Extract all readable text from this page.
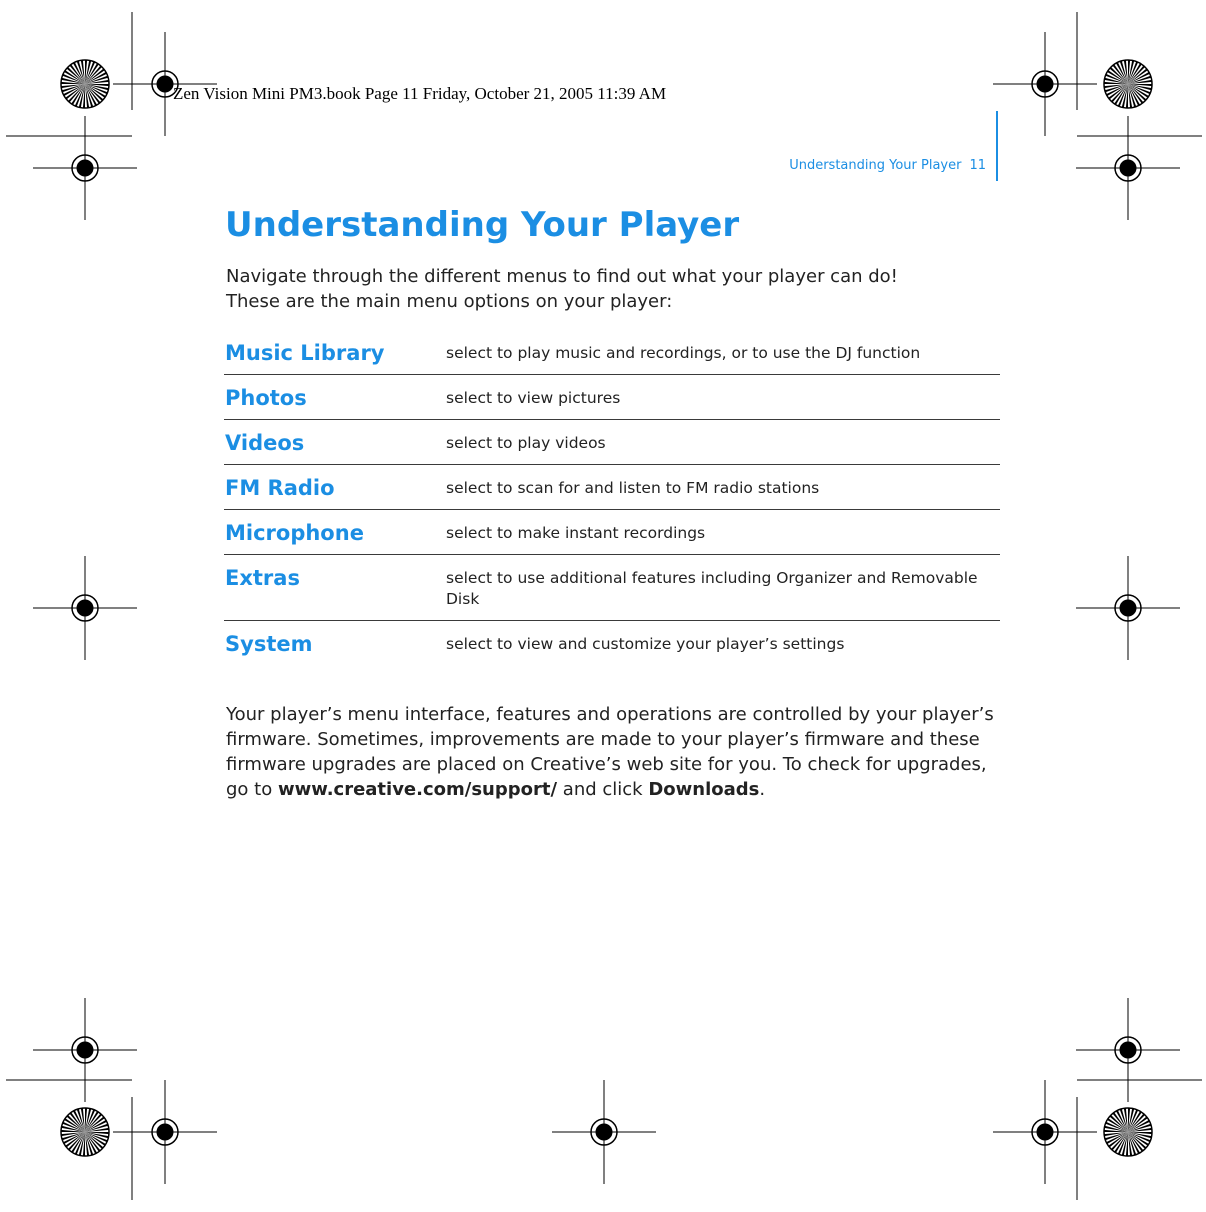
Zen Vision Mini PM3.book Page 11 Friday, October 21, 2005 11:39 AM
Understanding Your Player 11
Understanding Your Player

Navigate through the different menus to find out what your player can do!
These are the main menu options on your player:

Music Library	select to play music and recordings, or to use the DJ function
Photos	select to view pictures
Videos	select to play videos
FM Radio	select to scan for and listen to FM radio stations
Microphone	select to make instant recordings
Extras	select to use additional features including Organizer and Removable Disk
System	select to view and customize your player’s settings

Your player’s menu interface, features and operations are controlled by your player’s firmware. Sometimes, improvements are made to your player’s firmware and these firmware upgrades are placed on Creative’s web site for you. To check for upgrades, go to www.creative.com/support/ and click Downloads.
